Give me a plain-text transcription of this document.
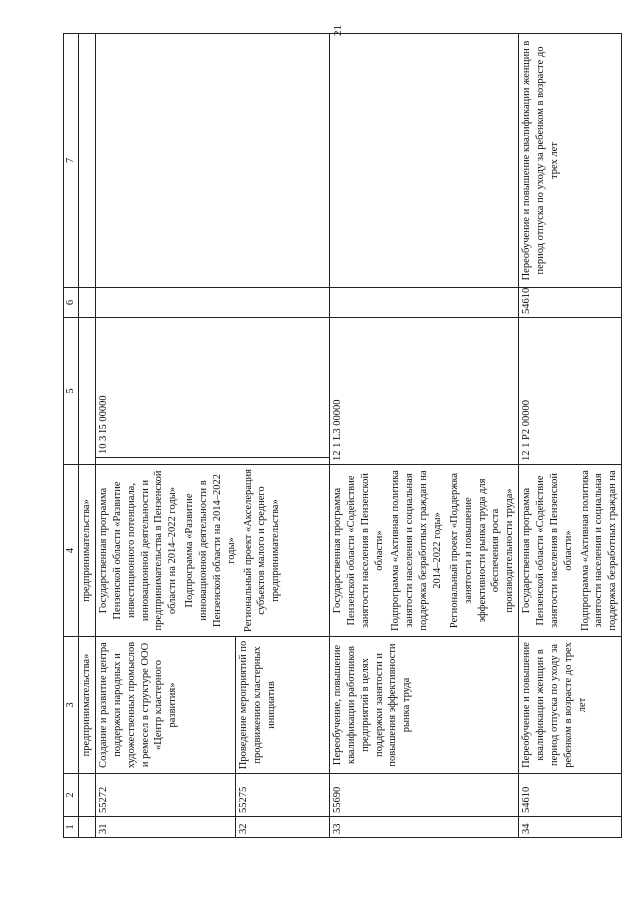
21
1	2	3	4	5	6	7
		предпринимательства»	предпринимательства»			
31	55272	Создание и развитие центра поддержки народных и художественных промыслов и ремесел в структуре ООО «Центр кластерного развития»	Государственная программа Пензенской области «Развитие инвестиционного потенциала, инновационной деятельности и предпринимательства в Пензенской области на 2014–2022 годы» Подпрограмма «Развитие инновационной деятельности в Пензенской области на 2014–2022 годы» Региональный проект «Акселерация субъектов малого и среднего предпринимательства»	10 3 I5 00000		

32	55275	Проведение мероприятий по продвижению кластерных инициатив				
33	55690	Переобучение, повышение квалификации работников предприятий в целях поддержки занятости и повышения эффективности рынка труда	Государственная программа Пензенской области «Содействие занятости населения в Пензенской области» Подпрограмма «Активная политика занятости населения и социальная поддержка безработных граждан на 2014–2022 годы» Региональный проект «Поддержка занятости и повышение эффективности рынка труда для обеспечения роста производительности труда»	12 1 L3 00000		
34	54610	Переобучение и повышение квалификации женщин в период отпуска по уходу за ребенком в возрасте до трех лет	Государственная программа Пензенской области «Содействие занятости населения в Пензенской области» Подпрограмма «Активная политика занятости населения и социальная поддержка безработных граждан на	12 1 P2 00000	54610	Переобучение и повышение квалификации женщин в период отпуска по уходу за ребенком в возрасте до трех лет
